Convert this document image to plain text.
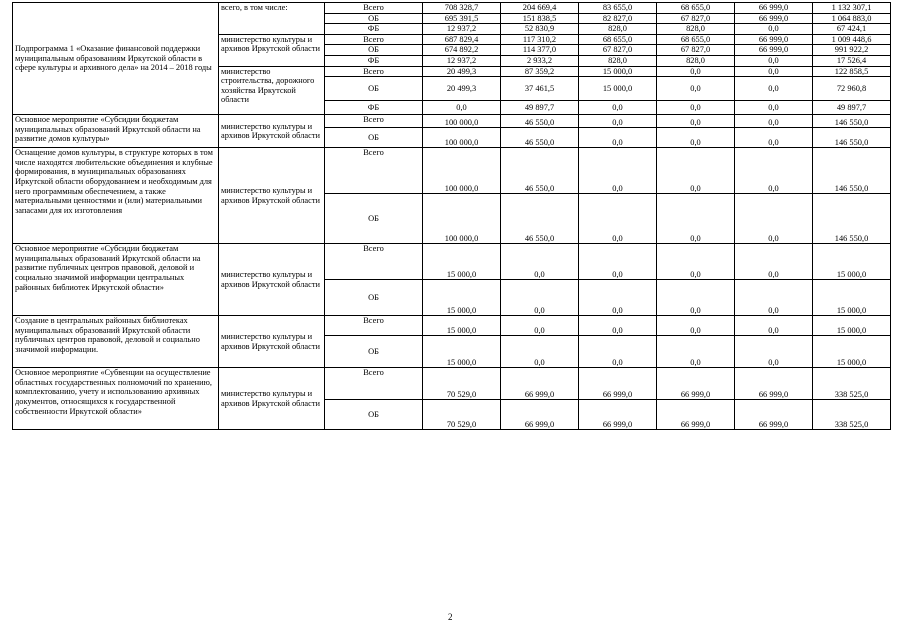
Подпрограмма 1 «Оказание финансовой поддержки муниципальным образованиям Иркутской области в сфере культуры и архивного дела» на 2014 – 2018 годы	всего, в том числе:	Всего	708 328,7	204 669,4	83 655,0	68 655,0	66 999,0	1 132 307,1
		ОБ	695 391,5	151 838,5	82 827,0	67 827,0	66 999,0	1 064 883,0
		ФБ	12 937,2	52 830,9	828,0	828,0	0,0	67 424,1
	министерство культуры и архивов Иркутской области	Всего	687 829,4	117 310,2	68 655,0	68 655,0	66 999,0	1 009 448,6
		ОБ	674 892,2	114 377,0	67 827,0	67 827,0	66 999,0	991 922,2
		ФБ	12 937,2	2 933,2	828,0	828,0	0,0	17 526,4
	министерство строительства, дорожного хозяйства Иркутской области	Всего	20 499,3	87 359,2	15 000,0	0,0	0,0	122 858,5
		ОБ	20 499,3	37 461,5	15 000,0	0,0	0,0	72 960,8
		ФБ	0,0	49 897,7	0,0	0,0	0,0	49 897,7
Основное мероприятие «Субсидии бюджетам муниципальных образований Иркутской области на развитие домов культуры»	министерство культуры и архивов Иркутской области	Всего	100 000,0	46 550,0	0,0	0,0	0,0	146 550,0
		ОБ	100 000,0	46 550,0	0,0	0,0	0,0	146 550,0
Оснащение домов культуры, в структуре которых в том числе находятся любительские объединения и клубные формирования, в муниципальных образованиях Иркутской области оборудованием и необходимым для него программным обеспечением, а также материальными ценностями и (или) материальными запасами для их изготовления	министерство культуры и архивов Иркутской области	Всего	100 000,0	46 550,0	0,0	0,0	0,0	146 550,0
		ОБ	100 000,0	46 550,0	0,0	0,0	0,0	146 550,0
Основное мероприятие «Субсидии бюджетам муниципальных образований Иркутской области на развитие публичных центров правовой, деловой и социально значимой информации центральных районных библиотек Иркутской области»	министерство культуры и архивов Иркутской области	Всего	15 000,0	0,0	0,0	0,0	0,0	15 000,0
		ОБ	15 000,0	0,0	0,0	0,0	0,0	15 000,0
Создание в центральных районных библиотеках муниципальных образований Иркутской области публичных центров правовой, деловой и социально значимой информации.	министерство культуры и архивов Иркутской области	Всего	15 000,0	0,0	0,0	0,0	0,0	15 000,0
		ОБ	15 000,0	0,0	0,0	0,0	0,0	15 000,0
Основное мероприятие «Субвенции на осуществление областных государственных полномочий по хранению, комплектованию, учету и использованию архивных документов, относящихся к государственной собственности Иркутской области»	министерство культуры и архивов Иркутской области	Всего	70 529,0	66 999,0	66 999,0	66 999,0	66 999,0	338 525,0
		ОБ	70 529,0	66 999,0	66 999,0	66 999,0	66 999,0	338 525,0
2
